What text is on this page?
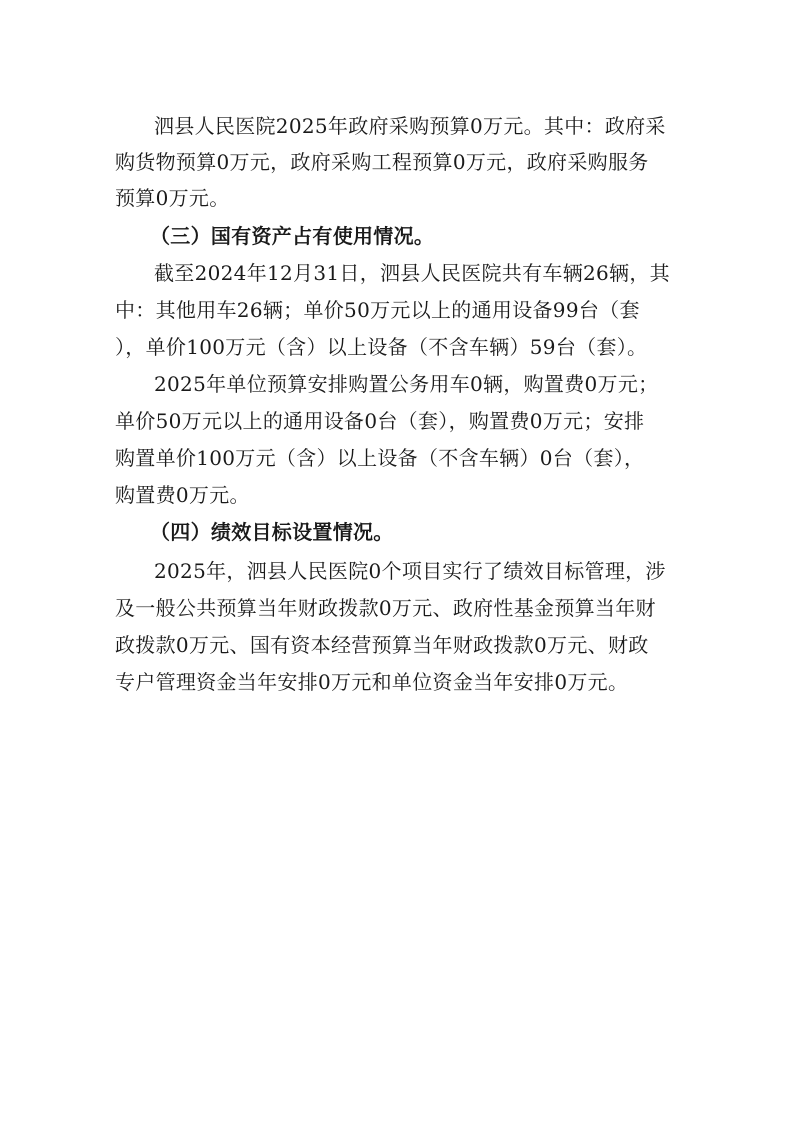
泗县人民医院2025年政府采购预算0万元。其中：政府采
购货物预算0万元，政府采购工程预算0万元，政府采购服务
预算0万元。
（三）国有资产占有使用情况。
截至2024年12月31日，泗县人民医院共有车辆26辆，其
中：其他用车26辆；单价50万元以上的通用设备99台（套
），单价100万元（含）以上设备（不含车辆）59台（套）。
2025年单位预算安排购置公务用车0辆，购置费0万元；
单价50万元以上的通用设备0台（套），购置费0万元；安排
购置单价100万元（含）以上设备（不含车辆）0台（套），
购置费0万元。
（四）绩效目标设置情况。
2025年，泗县人民医院0个项目实行了绩效目标管理，涉
及一般公共预算当年财政拨款0万元、政府性基金预算当年财
政拨款0万元、国有资本经营预算当年财政拨款0万元、财政
专户管理资金当年安排0万元和单位资金当年安排0万元。
